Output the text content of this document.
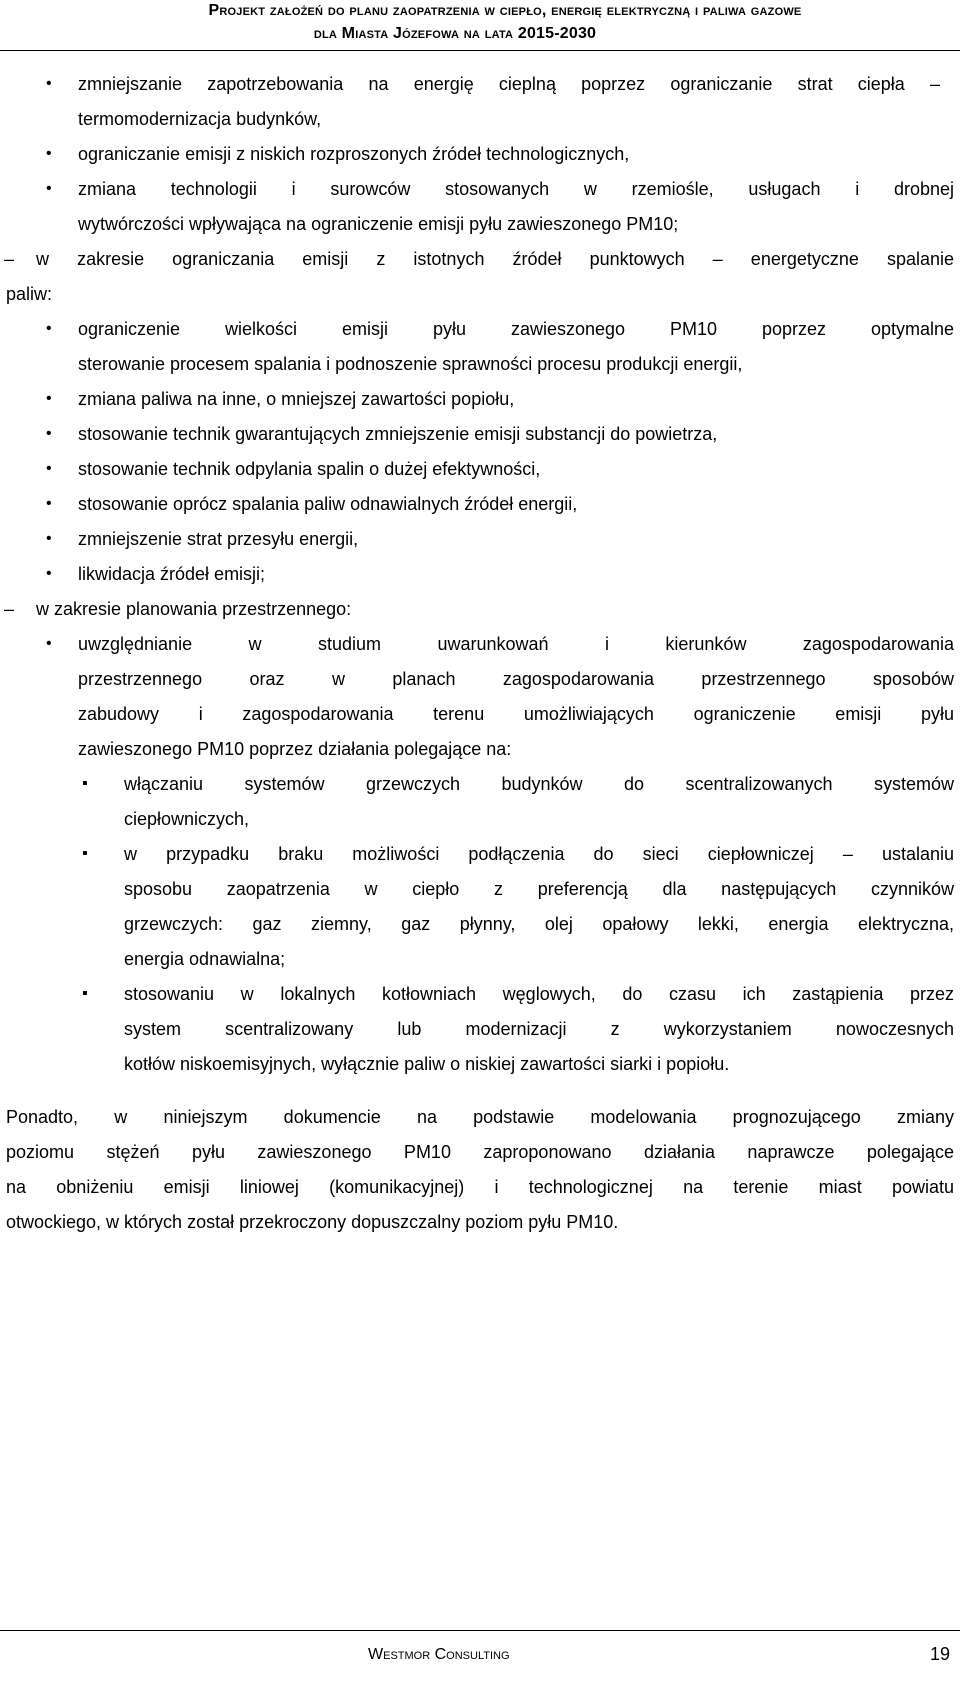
Projekt założeń do planu zaopatrzenia w ciepło, energię elektryczną i paliwa gazowe
dla Miasta Józefowa na lata 2015-2030
• zmniejszanie zapotrzebowania na energię cieplną poprzez ograniczanie strat ciepła –
termomodernizacja budynków,
• ograniczanie emisji z niskich rozproszonych źródeł technologicznych,
• zmiana technologii i surowców stosowanych w rzemiośle, usługach i drobnej
wytwórczości wpływająca na ograniczenie emisji pyłu zawieszonego PM10;
– w zakresie ograniczania emisji z istotnych źródeł punktowych – energetyczne spalanie
paliw:
• ograniczenie wielkości emisji pyłu zawieszonego PM10 poprzez optymalne
sterowanie procesem spalania i podnoszenie sprawności procesu produkcji energii,
• zmiana paliwa na inne, o mniejszej zawartości popiołu,
• stosowanie technik gwarantujących zmniejszenie emisji substancji do powietrza,
• stosowanie technik odpylania spalin o dużej efektywności,
• stosowanie oprócz spalania paliw odnawialnych źródeł energii,
• zmniejszenie strat przesyłu energii,
• likwidacja źródeł emisji;
– w zakresie planowania przestrzennego:
• uwzględnianie w studium uwarunkowań i kierunków zagospodarowania
przestrzennego oraz w planach zagospodarowania przestrzennego sposobów
zabudowy i zagospodarowania terenu umożliwiających ograniczenie emisji pyłu
zawieszonego PM10 poprzez działania polegające na:
▪ włączaniu systemów grzewczych budynków do scentralizowanych systemów
ciepłowniczych,
▪ w przypadku braku możliwości podłączenia do sieci ciepłowniczej – ustalaniu
sposobu zaopatrzenia w ciepło z preferencją dla następujących czynników
grzewczych: gaz ziemny, gaz płynny, olej opałowy lekki, energia elektryczna,
energia odnawialna;
▪ stosowaniu w lokalnych kotłowniach węglowych, do czasu ich zastąpienia przez
system scentralizowany lub modernizacji z wykorzystaniem nowoczesnych
kotłów niskoemisyjnych, wyłącznie paliw o niskiej zawartości siarki i popiołu.
Ponadto, w niniejszym dokumencie na podstawie modelowania prognozującego zmiany
poziomu stężeń pyłu zawieszonego PM10 zaproponowano działania naprawcze polegające
na obniżeniu emisji liniowej (komunikacyjnej) i technologicznej na terenie miast powiatu
otwockiego, w których został przekroczony dopuszczalny poziom pyłu PM10.
Westmor Consulting	19
